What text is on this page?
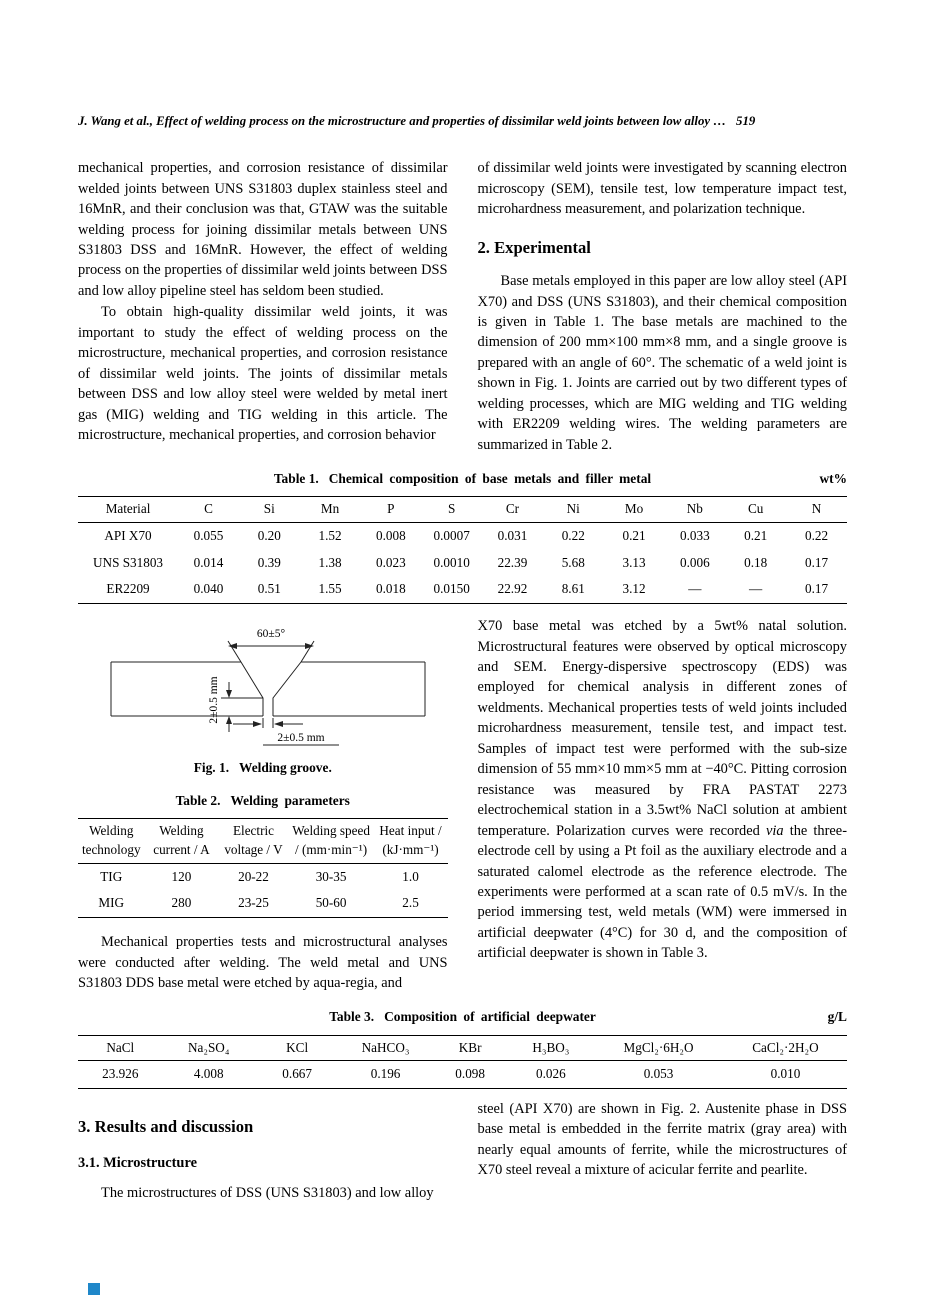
J. Wang et al., Effect of welding process on the microstructure and properties of dissimilar weld joints between low alloy … 519

mechanical properties, and corrosion resistance of dissimilar welded joints between UNS S31803 duplex stainless steel and 16MnR, and their conclusion was that, GTAW was the suitable welding process for joining dissimilar metals between UNS S31803 DSS and 16MnR. However, the effect of welding process on the properties of dissimilar weld joints between DSS and low alloy pipeline steel has seldom been studied.

To obtain high-quality dissimilar weld joints, it was important to study the effect of welding process on the microstructure, mechanical properties, and corrosion resistance of dissimilar weld joints. The joints of dissimilar metals between DSS and low alloy steel were welded by metal inert gas (MIG) welding and TIG welding in this article. The microstructure, mechanical properties, and corrosion behavior

of dissimilar weld joints were investigated by scanning electron microscopy (SEM), tensile test, low temperature impact test, microhardness measurement, and polarization technique.

2. Experimental

Base metals employed in this paper are low alloy steel (API X70) and DSS (UNS S31803), and their chemical composition is given in Table 1. The base metals are machined to the dimension of 200 mm×100 mm×8 mm, and a single groove is prepared with an angle of 60°. The schematic of a weld joint is shown in Fig. 1. Joints are carried out by two different types of welding processes, which are MIG welding and TIG welding with ER2209 welding wires. The welding parameters are summarized in Table 2.

Table 1. Chemical composition of base metals and filler metal	wt%
Material	C	Si	Mn	P	S	Cr	Ni	Mo	Nb	Cu	N
API X70	0.055	0.20	1.52	0.008	0.0007	0.031	0.22	0.21	0.033	0.21	0.22
UNS S31803	0.014	0.39	1.38	0.023	0.0010	22.39	5.68	3.13	0.006	0.18	0.17
ER2209	0.040	0.51	1.55	0.018	0.0150	22.92	8.61	3.12	—	—	0.17
60±5°
2±0.5 mm
2±0.5 mm
Fig. 1. Welding groove.
Table 2. Welding parameters
Welding technology	Welding current / A	Electric voltage / V	Welding speed / (mm·min⁻¹)	Heat input / (kJ·mm⁻¹)
TIG	120	20-22	30-35	1.0
MIG	280	23-25	50-60	2.5

Mechanical properties tests and microstructural analyses were conducted after welding. The weld metal and UNS S31803 DDS base metal were etched by aqua-regia, and

X70 base metal was etched by a 5wt% natal solution. Microstructural features were observed by optical microscopy and SEM. Energy-dispersive spectroscopy (EDS) was employed for chemical analysis in different zones of weldments. Mechanical properties tests of weld joints included microhardness measurement, tensile test, and impact test. Samples of impact test were performed with the sub-size dimension of 55 mm×10 mm×5 mm at −40°C. Pitting corrosion resistance was measured by FRA PASTAT 2273 electrochemical station in a 3.5wt% NaCl solution at ambient temperature. Polarization curves were recorded via the three-electrode cell by using a Pt foil as the auxiliary electrode and a saturated calomel electrode as the reference electrode. The experiments were performed at a scan rate of 0.5 mV/s. In the period immersing test, weld metals (WM) were immersed in artificial deepwater (4°C) for 30 d, and the composition of artificial deepwater is shown in Table 3.

Table 3. Composition of artificial deepwater	g/L
NaCl	Na₂SO₄	KCl	NaHCO₃	KBr	H₃BO₃	MgCl₂·6H₂O	CaCl₂·2H₂O
23.926	4.008	0.667	0.196	0.098	0.026	0.053	0.010
3. Results and discussion
3.1. Microstructure

The microstructures of DSS (UNS S31803) and low alloy

steel (API X70) are shown in Fig. 2. Austenite phase in DSS base metal is embedded in the ferrite matrix (gray area) with nearly equal amounts of ferrite, while the microstructures of X70 steel reveal a mixture of acicular ferrite and pearlite.
